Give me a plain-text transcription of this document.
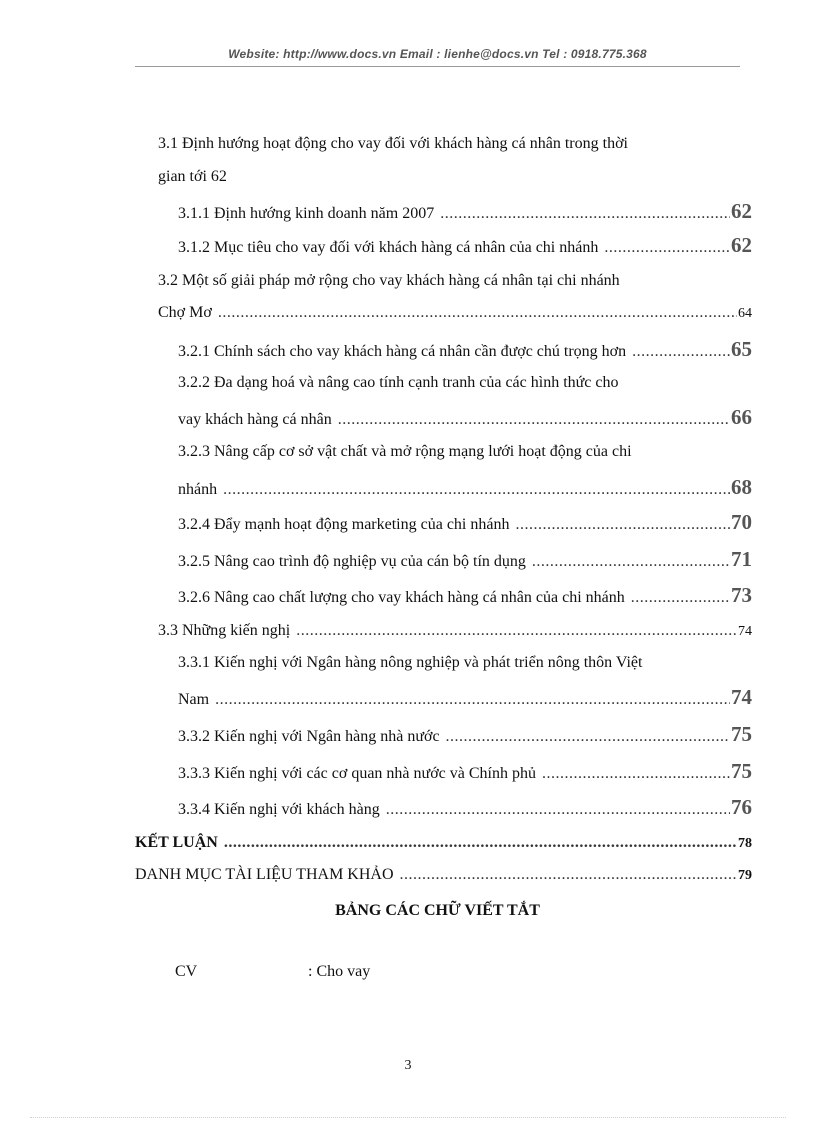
Website: http://www.docs.vn Email : lienhe@docs.vn Tel : 0918.775.368
3.1 Định hướng hoạt động cho vay đối với khách hàng cá nhân trong thời
gian tới 62
3.1.1 Định hướng kinh doanh năm 2007 .....	62
3.1.2 Mục tiêu cho vay đối với khách hàng cá nhân của chi nhánh .....	62
3.2 Một số giải pháp mở rộng cho vay khách hàng cá nhân tại chi nhánh
Chợ Mơ .....	64
3.2.1 Chính sách cho vay khách hàng cá nhân cần được chú trọng hơn .....	65
3.2.2 Đa dạng hoá và nâng cao tính cạnh tranh của các hình thức cho
vay khách hàng cá nhân .....	66
3.2.3 Nâng cấp cơ sở vật chất và mở rộng mạng lưới hoạt động của chi
nhánh .....	68
3.2.4 Đẩy mạnh hoạt động marketing của chi nhánh .....	70
3.2.5 Nâng cao trình độ nghiệp vụ của cán bộ tín dụng .....	71
3.2.6 Nâng cao chất lượng cho vay khách hàng cá nhân của chi nhánh .....	73
3.3 Những kiến nghị .....	74
3.3.1 Kiến nghị với Ngân hàng nông nghiệp và phát triển nông thôn Việt
Nam .....	74
3.3.2 Kiến nghị với Ngân hàng nhà nước .....	75
3.3.3 Kiến nghị với các cơ quan nhà nước và Chính phủ .....	75
3.3.4 Kiến nghị với khách hàng .....	76
KẾT LUẬN .....	78
DANH MỤC TÀI LIỆU THAM KHẢO .....	79
BẢNG CÁC CHỮ VIẾT TẮT
CV	: Cho vay
3
